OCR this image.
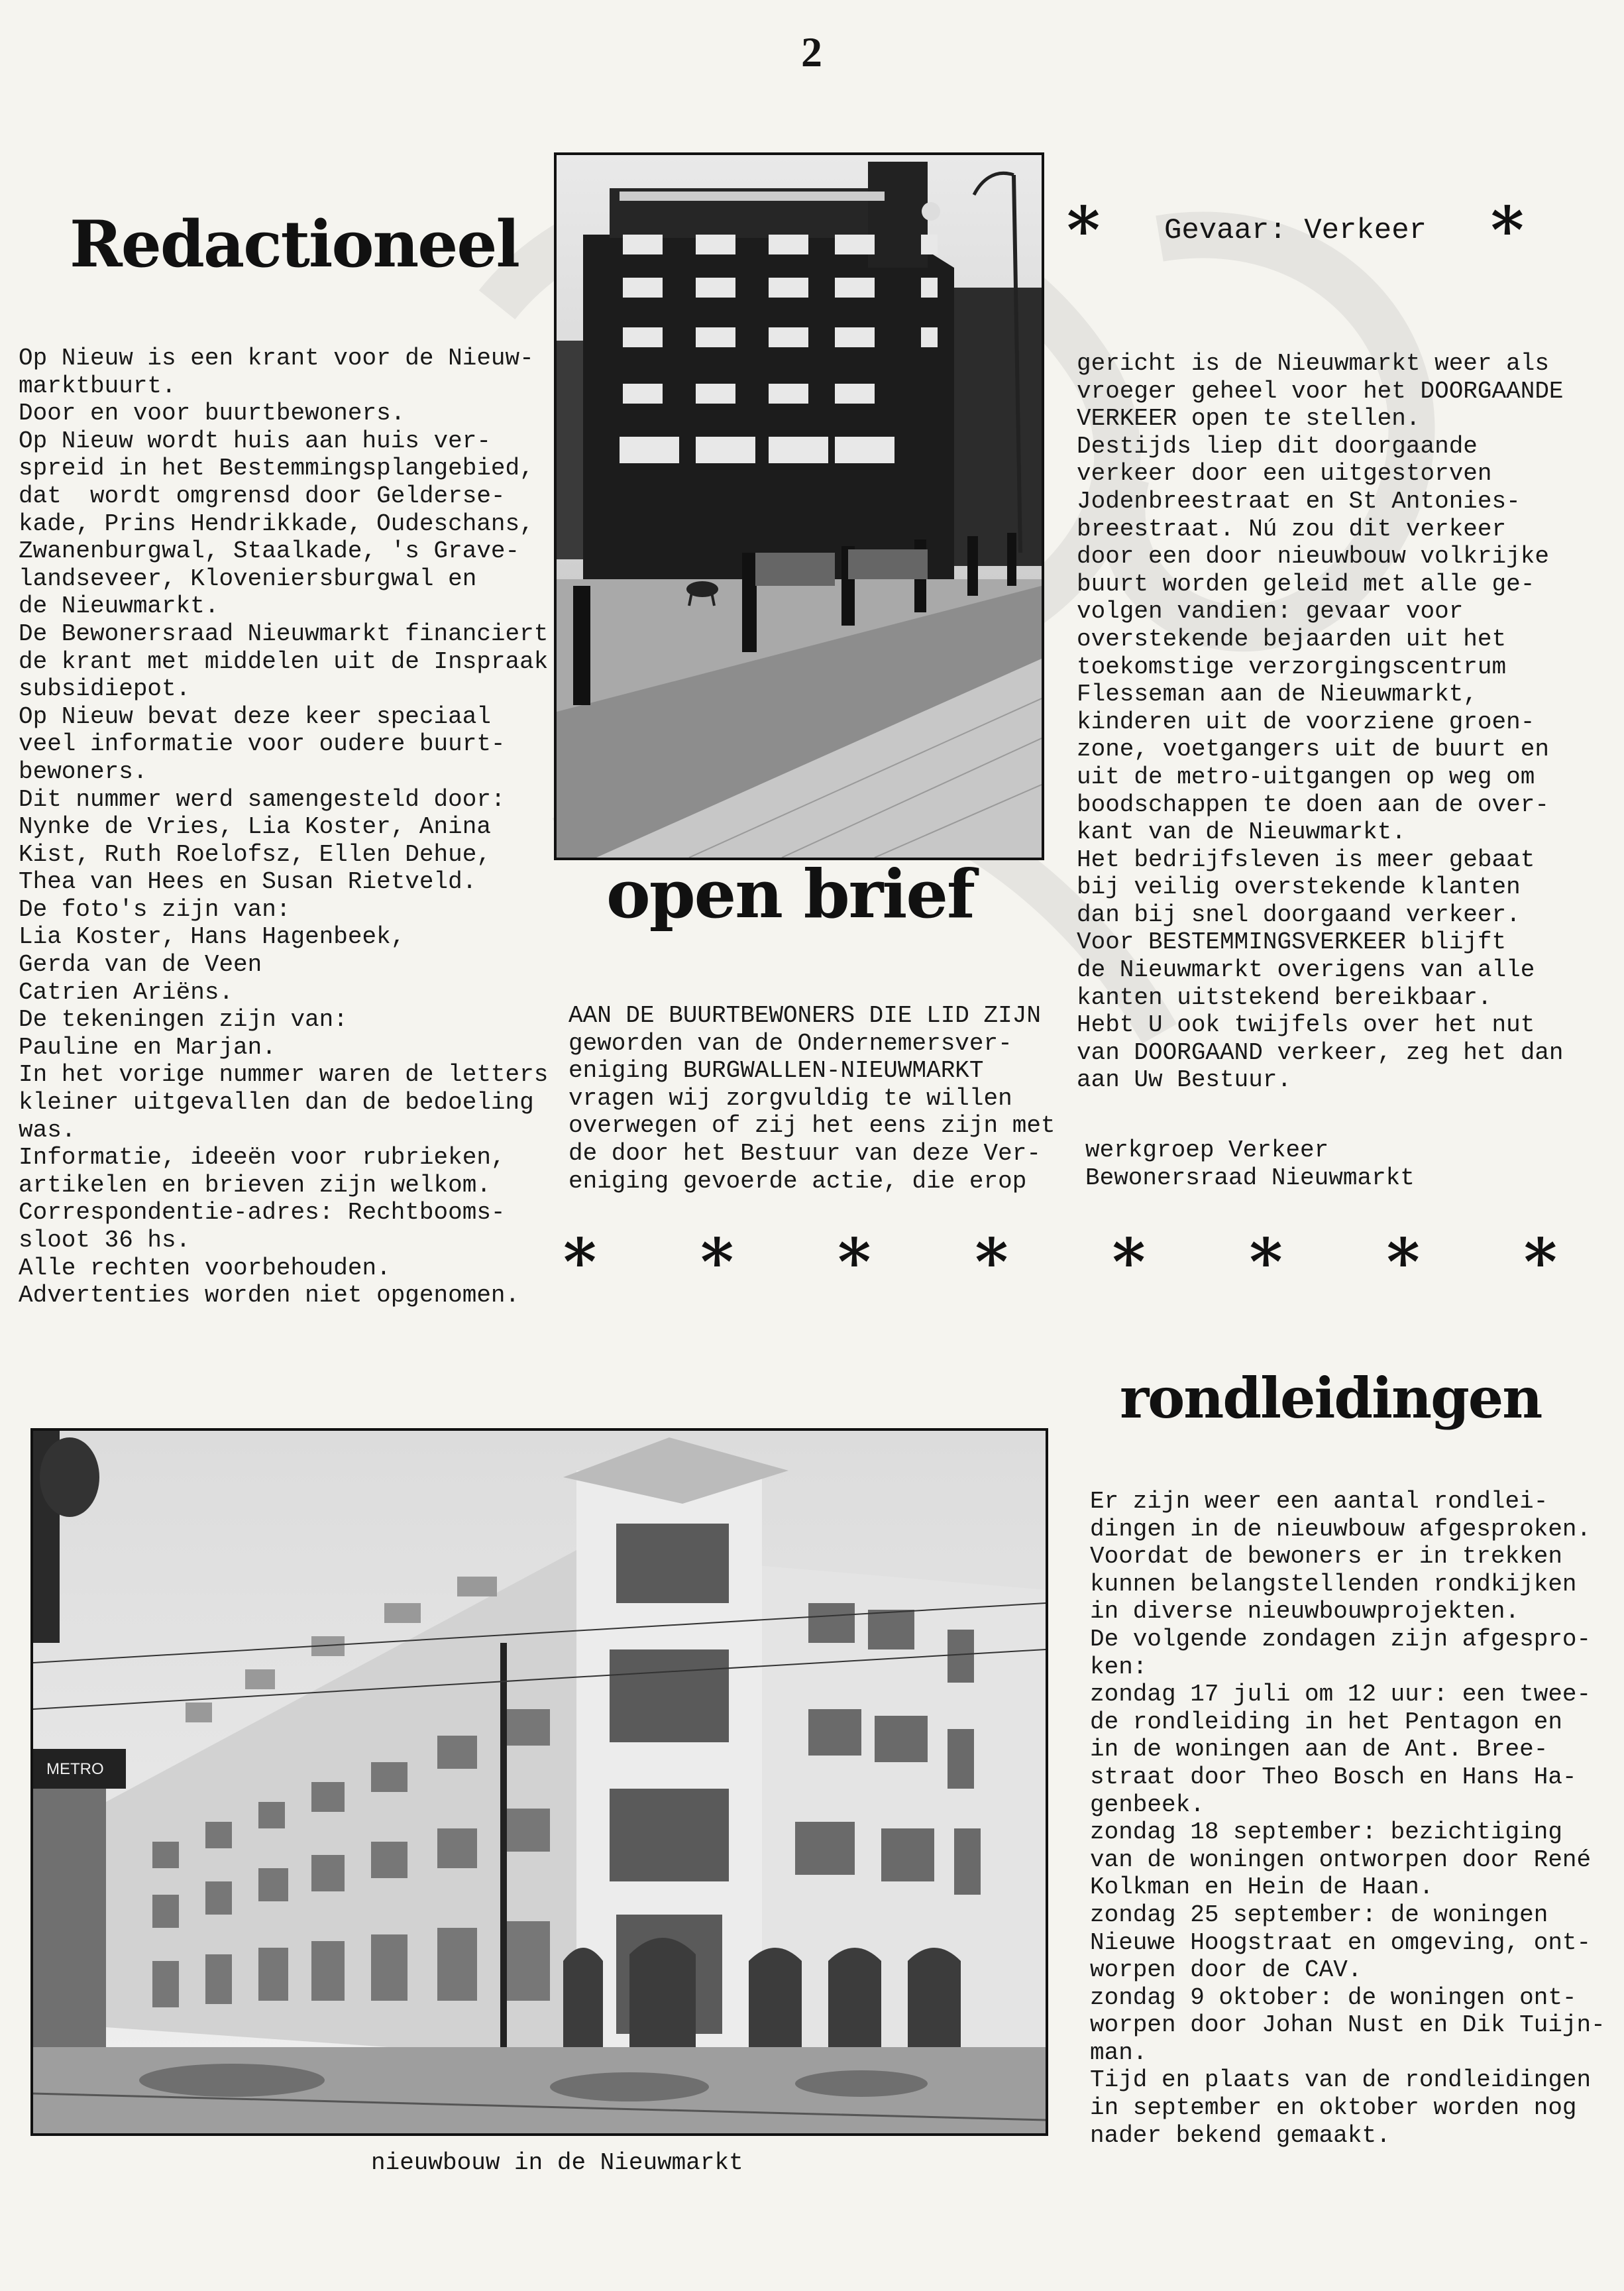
2
Redactioneel
Op Nieuw is een krant voor de Nieuw-
marktbuurt.
Door en voor buurtbewoners.
Op Nieuw wordt huis aan huis ver-
spreid in het Bestemmingsplangebied,
dat  wordt omgrensd door Gelderse-
kade, Prins Hendrikkade, Oudeschans,
Zwanenburgwal, Staalkade, 's Grave-
landseveer, Kloveniersburgwal en
de Nieuwmarkt.
De Bewonersraad Nieuwmarkt financiert
de krant met middelen uit de Inspraak
subsidiepot.
Op Nieuw bevat deze keer speciaal
veel informatie voor oudere buurt-
bewoners.
Dit nummer werd samengesteld door:
Nynke de Vries, Lia Koster, Anina
Kist, Ruth Roelofsz, Ellen Dehue,
Thea van Hees en Susan Rietveld.
De foto's zijn van:
Lia Koster, Hans Hagenbeek,
Gerda van de Veen
Catrien Ariëns.
De tekeningen zijn van:
Pauline en Marjan.
In het vorige nummer waren de letters
kleiner uitgevallen dan de bedoeling
was.
Informatie, ideeën voor rubrieken,
artikelen en brieven zijn welkom.
Correspondentie-adres: Rechtbooms-
sloot 36 hs.
Alle rechten voorbehouden.
Advertenties worden niet opgenomen.
* Gevaar: Verkeer *
gericht is de Nieuwmarkt weer als
vroeger geheel voor het DOORGAANDE
VERKEER open te stellen.
Destijds liep dit doorgaande
verkeer door een uitgestorven
Jodenbreestraat en St Antonies-
breestraat. Nú zou dit verkeer
door een door nieuwbouw volkrijke
buurt worden geleid met alle ge-
volgen vandien: gevaar voor
overstekende bejaarden uit het
toekomstige verzorgingscentrum
Flesseman aan de Nieuwmarkt,
kinderen uit de voorziene groen-
zone, voetgangers uit de buurt en
uit de metro-uitgangen op weg om
boodschappen te doen aan de over-
kant van de Nieuwmarkt.
Het bedrijfsleven is meer gebaat
bij veilig overstekende klanten
dan bij snel doorgaand verkeer.
Voor BESTEMMINGSVERKEER blijft
de Nieuwmarkt overigens van alle
kanten uitstekend bereikbaar.
Hebt U ook twijfels over het nut
van DOORGAAND verkeer, zeg het dan
aan Uw Bestuur.
werkgroep Verkeer
Bewonersraad Nieuwmarkt
open brief
AAN DE BUURTBEWONERS DIE LID ZIJN
geworden van de Ondernemersver-
eniging BURGWALLEN-NIEUWMARKT
vragen wij zorgvuldig te willen
overwegen of zij het eens zijn met
de door het Bestuur van deze Ver-
eniging gevoerde actie, die erop
* * * * * * * *
rondleidingen
Er zijn weer een aantal rondlei-
dingen in de nieuwbouw afgesproken.
Voordat de bewoners er in trekken
kunnen belangstellenden rondkijken
in diverse nieuwbouwprojekten.
De volgende zondagen zijn afgespro-
ken:
zondag 17 juli om 12 uur: een twee-
de rondleiding in het Pentagon en
in de woningen aan de Ant. Bree-
straat door Theo Bosch en Hans Ha-
genbeek.
zondag 18 september: bezichtiging
van de woningen ontworpen door René
Kolkman en Hein de Haan.
zondag 25 september: de woningen
Nieuwe Hoogstraat en omgeving, ont-
worpen door de CAV.
zondag 9 oktober: de woningen ont-
worpen door Johan Nust en Dik Tuijn-
man.
Tijd en plaats van de rondleidingen
in september en oktober worden nog
nader bekend gemaakt.
METRO
nieuwbouw in de Nieuwmarkt
